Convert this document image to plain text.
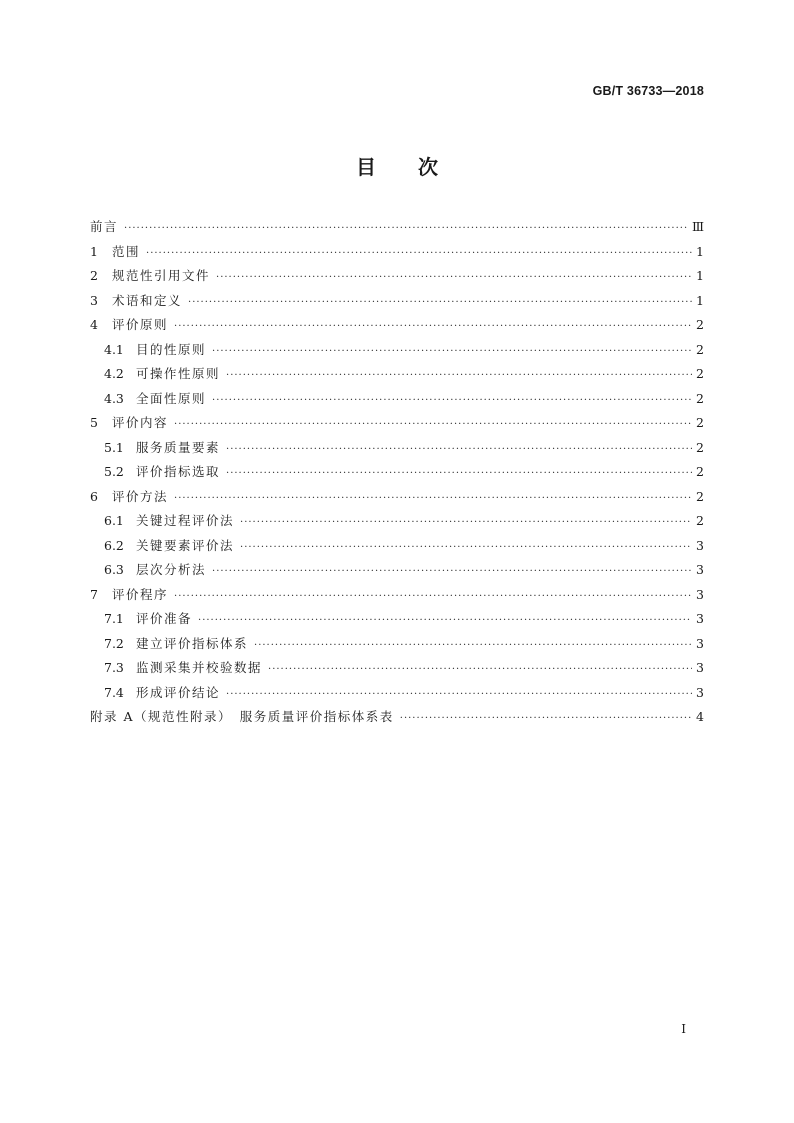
GB/T 36733—2018
目 次
前言 ·····	Ⅲ
1	范围 ·····	1
2	规范性引用文件 ·····	1
3	术语和定义 ·····	1
4	评价原则 ·····	2
4.1 目的性原则 ·····	2
4.2 可操作性原则 ·····	2
4.3 全面性原则 ·····	2
5	评价内容 ·····	2
5.1 服务质量要素 ·····	2
5.2 评价指标选取 ·····	2
6	评价方法 ·····	2
6.1 关键过程评价法 ·····	2
6.2 关键要素评价法 ·····	3
6.3 层次分析法 ·····	3
7	评价程序 ·····	3
7.1 评价准备 ·····	3
7.2 建立评价指标体系 ·····	3
7.3 监测采集并校验数据 ·····	3
7.4 形成评价结论 ·····	3
附录 A（规范性附录）　服务质量评价指标体系表 ·····	4
I
